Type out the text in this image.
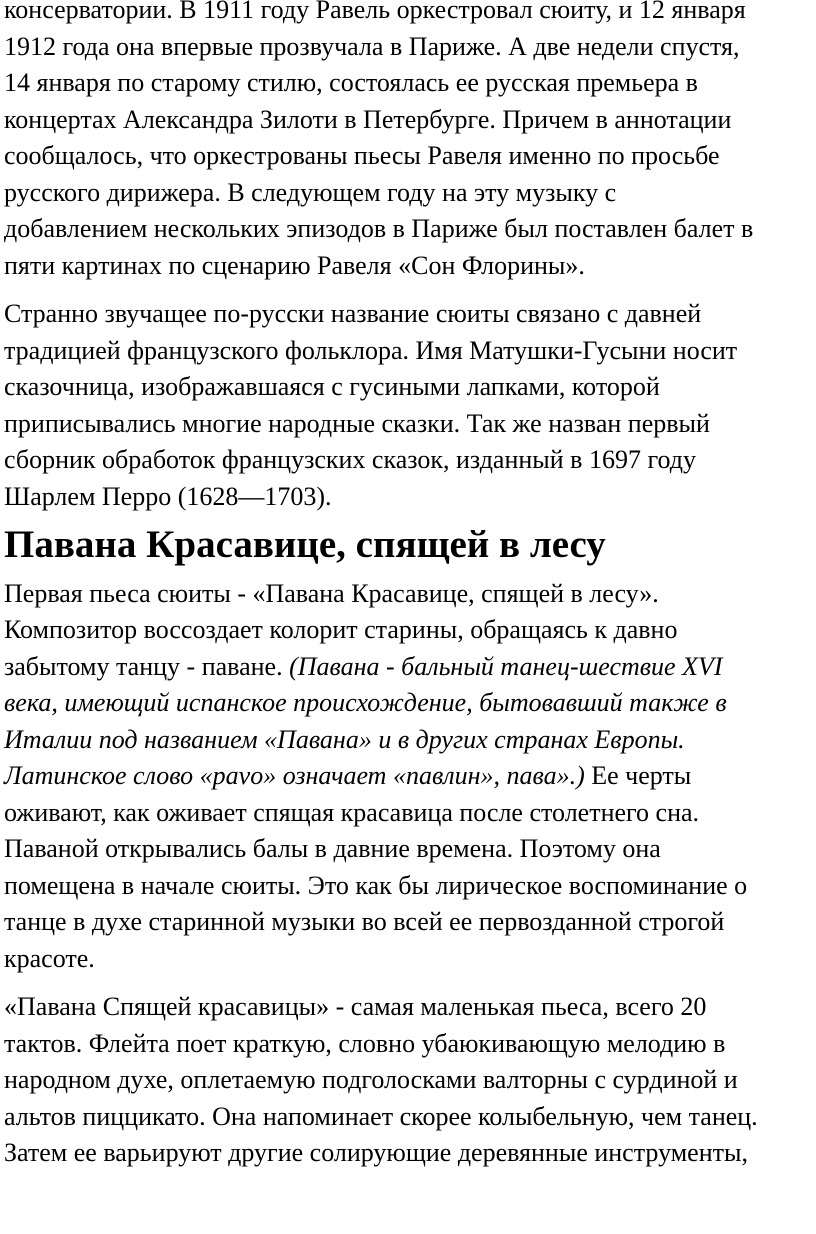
консерватории. В 1911 году Равель оркестровал сюиту, и 12 января
1912 года она впервые прозвучала в Париже. А две недели спустя,
14 января по старому стилю, состоялась ее русская премьера в
концертах Александра Зилоти в Петербурге. Причем в аннотации
сообщалось, что оркестрованы пьесы Равеля именно по просьбе
русского дирижера. В следующем году на эту музыку с
добавлением нескольких эпизодов в Париже был поставлен балет в
пяти картинах по сценарию Равеля «Сон Флорины».

Странно звучащее по-русски название сюиты связано с давней
традицией французского фольклора. Имя Матушки-Гусыни носит
сказочница, изображавшаяся с гусиными лапками, которой
приписывались многие народные сказки. Так же назван первый
сборник обработок французских сказок, изданный в 1697 году
Шарлем Перро (1628—1703).

Павана Красавице, спящей в лесу

Первая пьеса сюиты - «Павана Красавице, спящей в лесу».
Композитор воссоздает колорит старины, обращаясь к давно
забытому танцу - паване. (Павана - бальный танец-шествие XVI
века, имеющий испанское происхождение, бытовавший также в
Италии под названием «Павана» и в других странах Европы.
Латинское слово «pavo» означает «павлин», пава».) Ее черты
оживают, как оживает спящая красавица после столетнего сна.
Паваной открывались балы в давние времена. Поэтому она
помещена в начале сюиты. Это как бы лирическое воспоминание о
танце в духе старинной музыки во всей ее первозданной строгой
красоте.

«Павана Спящей красавицы» - самая маленькая пьеса, всего 20
тактов. Флейта поет краткую, словно убаюкивающую мелодию в
народном духе, оплетаемую подголосками валторны с сурдиной и
альтов пиццикато. Она напоминает скорее колыбельную, чем танец.
Затем ее варьируют другие солирующие деревянные инструменты,
